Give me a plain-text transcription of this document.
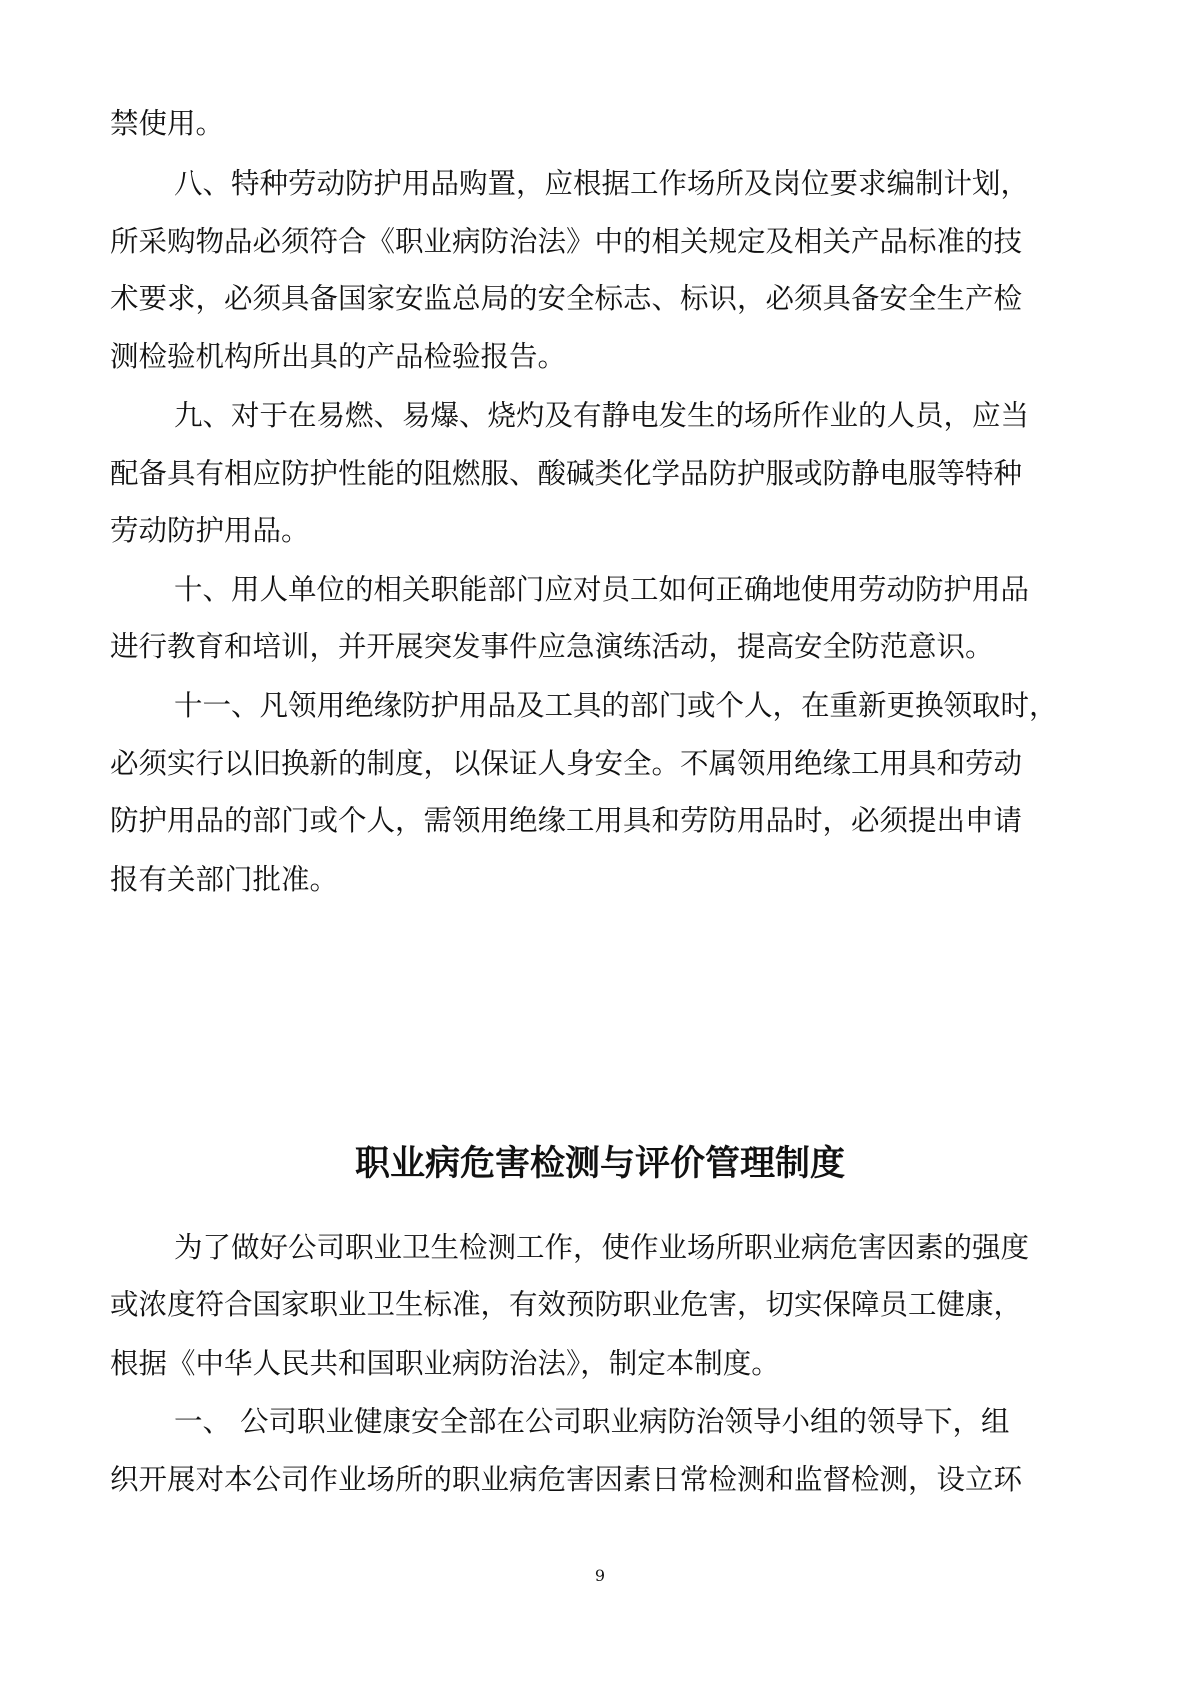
禁使用。
八、特种劳动防护用品购置，应根据工作场所及岗位要求编制计划，
所采购物品必须符合《职业病防治法》中的相关规定及相关产品标准的技
术要求，必须具备国家安监总局的安全标志、标识，必须具备安全生产检
测检验机构所出具的产品检验报告。
九、对于在易燃、易爆、烧灼及有静电发生的场所作业的人员，应当
配备具有相应防护性能的阻燃服、酸碱类化学品防护服或防静电服等特种
劳动防护用品。
十、用人单位的相关职能部门应对员工如何正确地使用劳动防护用品
进行教育和培训，并开展突发事件应急演练活动，提高安全防范意识。
十一、凡领用绝缘防护用品及工具的部门或个人，在重新更换领取时，
必须实行以旧换新的制度，以保证人身安全。不属领用绝缘工用具和劳动
防护用品的部门或个人，需领用绝缘工用具和劳防用品时，必须提出申请
报有关部门批准。
职业病危害检测与评价管理制度
为了做好公司职业卫生检测工作，使作业场所职业病危害因素的强度
或浓度符合国家职业卫生标准，有效预防职业危害，切实保障员工健康，
根据《中华人民共和国职业病防治法》，制定本制度。
一、 公司职业健康安全部在公司职业病防治领导小组的领导下，组
织开展对本公司作业场所的职业病危害因素日常检测和监督检测，设立环
9
